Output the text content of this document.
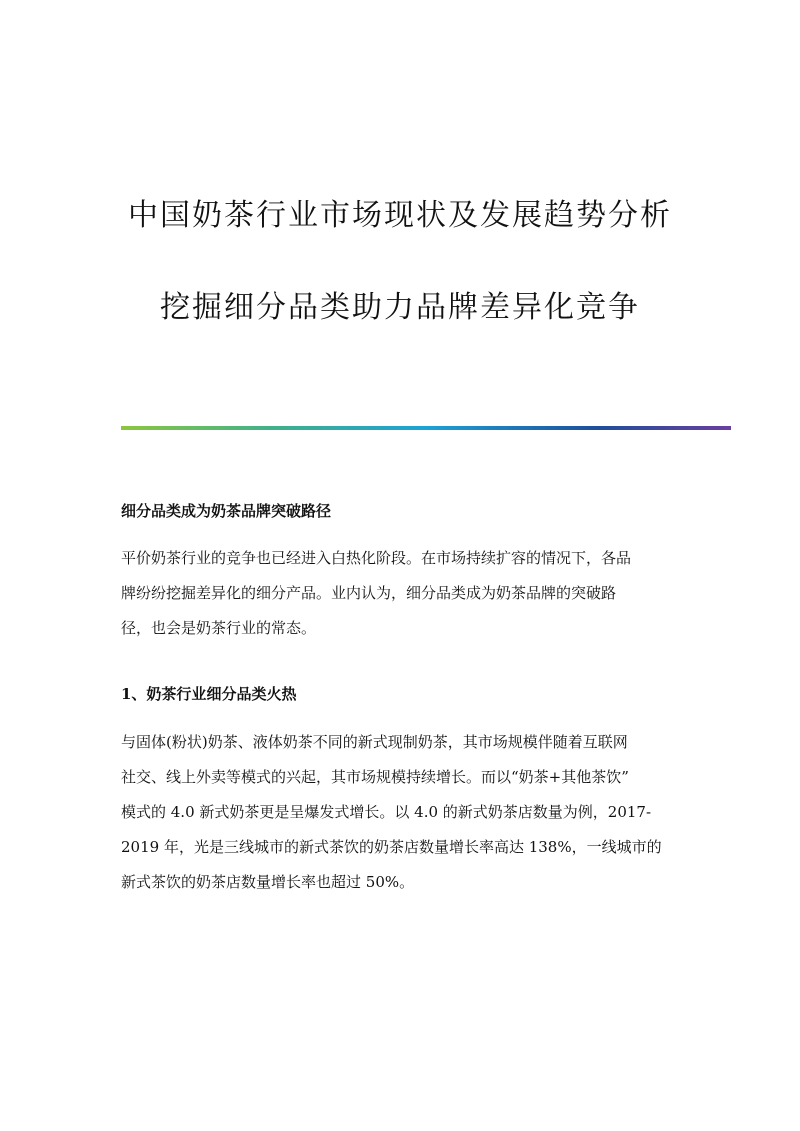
中国奶茶行业市场现状及发展趋势分析
挖掘细分品类助力品牌差异化竞争
细分品类成为奶茶品牌突破路径

平价奶茶行业的竞争也已经进入白热化阶段。在市场持续扩容的情况下，各品
牌纷纷挖掘差异化的细分产品。业内认为，细分品类成为奶茶品牌的突破路
径，也会是奶茶行业的常态。

1、奶茶行业细分品类火热

与固体(粉状)奶茶、液体奶茶不同的新式现制奶茶，其市场规模伴随着互联网
社交、线上外卖等模式的兴起，其市场规模持续增长。而以“奶茶+其他茶饮”
模式的 4.0 新式奶茶更是呈爆发式增长。以 4.0 的新式奶茶店数量为例，2017-
2019 年，光是三线城市的新式茶饮的奶茶店数量增长率高达 138%，一线城市的
新式茶饮的奶茶店数量增长率也超过 50%。
